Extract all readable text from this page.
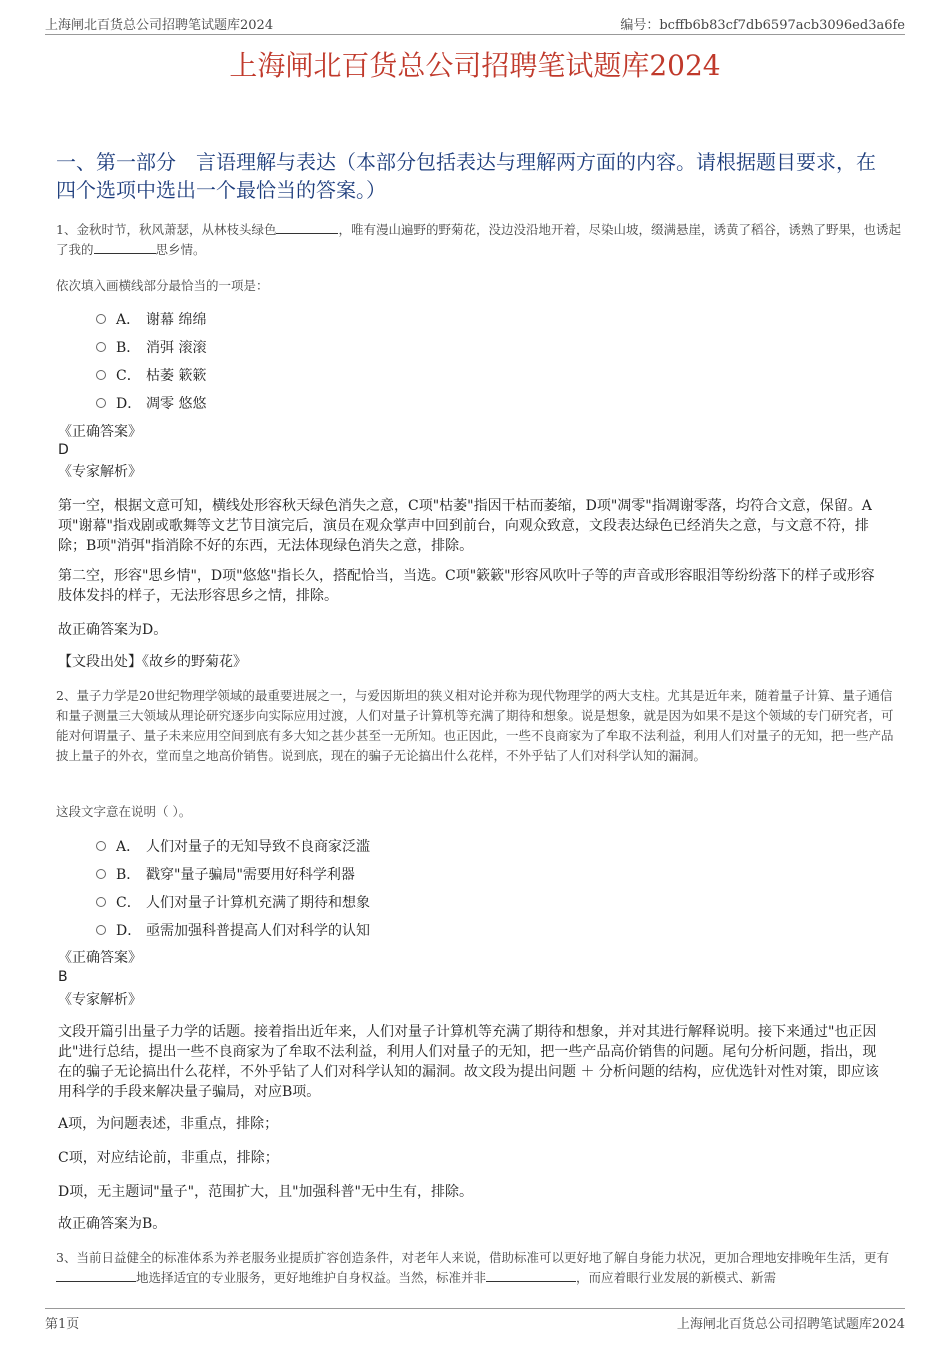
上海闸北百货总公司招聘笔试题库2024	编号：bcffb6b83cf7db6597acb3096ed3a6fe
上海闸北百货总公司招聘笔试题库2024
一、第一部分　言语理解与表达（本部分包括表达与理解两方面的内容。请根据题目要求，在四个选项中选出一个最恰当的答案。）
1、金秋时节，秋风萧瑟，从林枝头绿色	，唯有漫山遍野的野菊花，没边没沿地开着，尽染山坡，缀满悬崖，诱黄了稻谷，诱熟了野果，也诱起了我的	思乡情。
依次填入画横线部分最恰当的一项是：
A． 谢幕 绵绵
B． 消弭 滚滚
C． 枯萎 簌簌
D． 凋零 悠悠
《正确答案》
D
《专家解析》
第一空，根据文意可知，横线处形容秋天绿色消失之意，C项"枯萎"指因干枯而萎缩，D项"凋零"指凋谢零落，均符合文意，保留。A项"谢幕"指戏剧或歌舞等文艺节目演完后，演员在观众掌声中回到前台，向观众致意，文段表达绿色已经消失之意，与文意不符，排除；B项"消弭"指消除不好的东西，无法体现绿色消失之意，排除。
第二空，形容"思乡情"，D项"悠悠"指长久，搭配恰当，当选。C项"簌簌"形容风吹叶子等的声音或形容眼泪等纷纷落下的样子或形容肢体发抖的样子，无法形容思乡之情，排除。
故正确答案为D。
【文段出处】《故乡的野菊花》
2、量子力学是20世纪物理学领域的最重要进展之一，与爱因斯坦的狭义相对论并称为现代物理学的两大支柱。尤其是近年来，随着量子计算、量子通信和量子测量三大领域从理论研究逐步向实际应用过渡，人们对量子计算机等充满了期待和想象。说是想象，就是因为如果不是这个领域的专门研究者，可能对何谓量子、量子未来应用空间到底有多大知之甚少甚至一无所知。也正因此，一些不良商家为了牟取不法利益，利用人们对量子的无知，把一些产品披上量子的外衣，堂而皇之地高价销售。说到底，现在的骗子无论搞出什么花样，不外乎钻了人们对科学认知的漏洞。
这段文字意在说明（ ）。
A． 人们对量子的无知导致不良商家泛滥
B． 戳穿"量子骗局"需要用好科学利器
C． 人们对量子计算机充满了期待和想象
D． 亟需加强科普提高人们对科学的认知
《正确答案》
B
《专家解析》
文段开篇引出量子力学的话题。接着指出近年来，人们对量子计算机等充满了期待和想象，并对其进行解释说明。接下来通过"也正因此"进行总结，提出一些不良商家为了牟取不法利益，利用人们对量子的无知，把一些产品高价销售的问题。尾句分析问题，指出，现在的骗子无论搞出什么花样，不外乎钻了人们对科学认知的漏洞。故文段为提出问题 ＋ 分析问题的结构，应优选针对性对策，即应该用科学的手段来解决量子骗局，对应B项。
A项，为问题表述，非重点，排除；
C项，对应结论前，非重点，排除；
D项，无主题词"量子"，范围扩大，且"加强科普"无中生有，排除。
故正确答案为B。
3、当前日益健全的标准体系为养老服务业提质扩容创造条件，对老年人来说，借助标准可以更好地了解自身能力状况，更加合理地安排晚年生活，更有地选择适宜的专业服务，更好地维护自身权益。当然，标准并非	，而应着眼行业发展的新模式、新需
第1页	上海闸北百货总公司招聘笔试题库2024
